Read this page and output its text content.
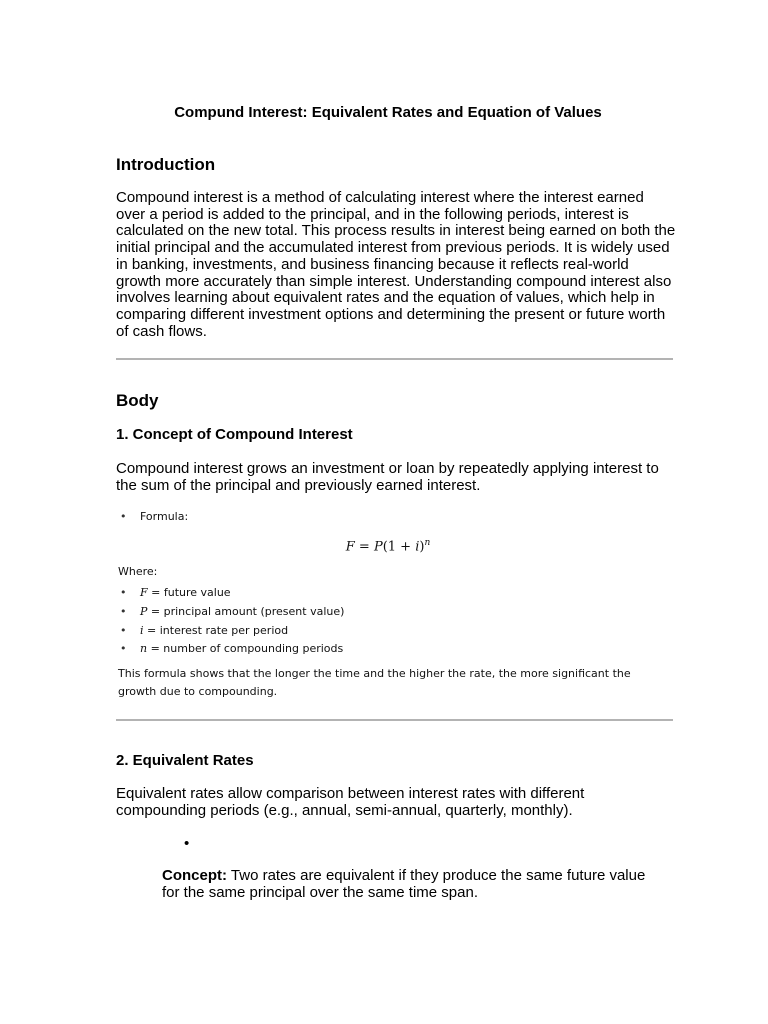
Compund Interest: Equivalent Rates and Equation of Values
Introduction
Compound interest is a method of calculating interest where the interest earned over a period is added to the principal, and in the following periods, interest is calculated on the new total. This process results in interest being earned on both the initial principal and the accumulated interest from previous periods. It is widely used in banking, investments, and business financing because it reflects real-world growth more accurately than simple interest. Understanding compound interest also involves learning about equivalent rates and the equation of values, which help in comparing different investment options and determining the present or future worth of cash flows.
Body
1. Concept of Compound Interest
Compound interest grows an investment or loan by repeatedly applying interest to the sum of the principal and previously earned interest.
• Formula:
$F = P(1 + i)^n$
Where:
• F = future value
• P = principal amount (present value)
• i = interest rate per period
• n = number of compounding periods
This formula shows that the longer the time and the higher the rate, the more significant the growth due to compounding.
2. Equivalent Rates
Equivalent rates allow comparison between interest rates with different compounding periods (e.g., annual, semi-annual, quarterly, monthly).
•
Concept: Two rates are equivalent if they produce the same future value for the same principal over the same time span.
